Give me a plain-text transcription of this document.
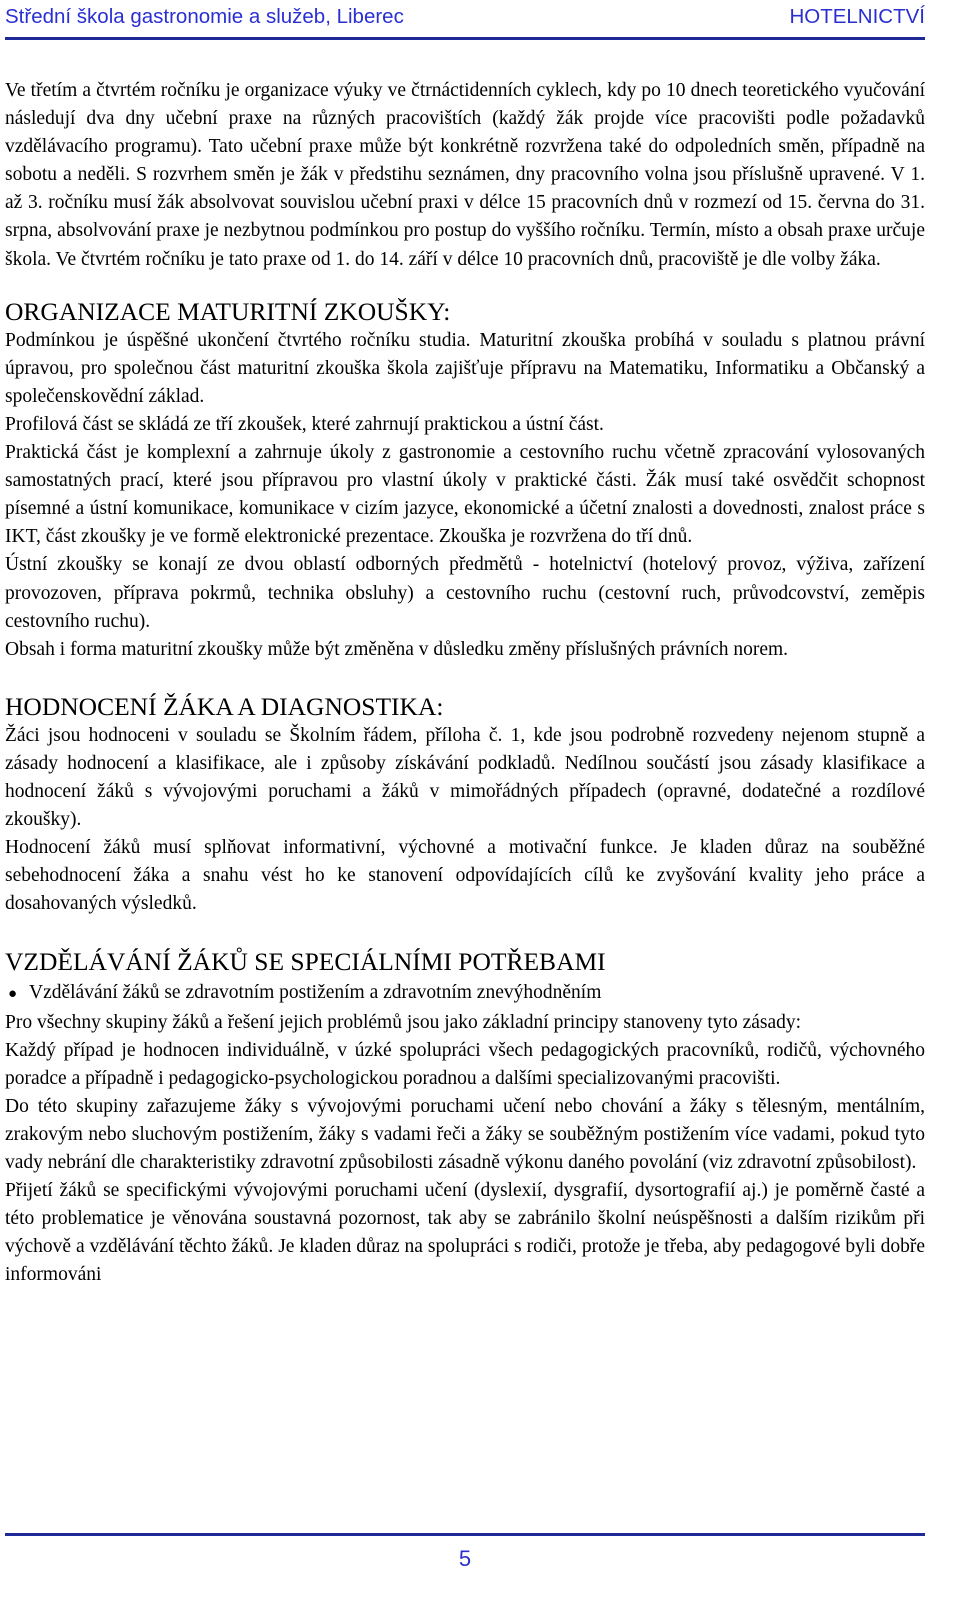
Střední škola gastronomie a služeb, Liberec	HOTELNICTVÍ

Ve třetím a čtvrtém ročníku je organizace výuky ve čtrnáctidenních cyklech, kdy po 10 dnech teoretického vyučování následují dva dny učební praxe na různých pracovištích (každý žák projde více pracovišti podle požadavků vzdělávacího programu). Tato učební praxe může být konkrétně rozvržena také do odpoledních směn, případně na sobotu a neděli. S rozvrhem směn je žák v předstihu seznámen, dny pracovního volna jsou příslušně upravené. V 1. až 3. ročníku musí žák absolvovat souvislou učební praxi v délce 15 pracovních dnů v rozmezí od 15. června do 31. srpna, absolvování praxe je nezbytnou podmínkou pro postup do vyššího ročníku. Termín, místo a obsah praxe určuje škola. Ve čtvrtém ročníku je tato praxe od 1. do 14. září v délce 10 pracovních dnů, pracoviště je dle volby žáka.

ORGANIZACE MATURITNÍ ZKOUŠKY:

Podmínkou je úspěšné ukončení čtvrtého ročníku studia. Maturitní zkouška probíhá v souladu s platnou právní úpravou, pro společnou část maturitní zkouška škola zajišťuje přípravu na Matematiku, Informatiku a Občanský a společenskovědní základ.

Profilová část se skládá ze tří zkoušek, které zahrnují praktickou a ústní část.

Praktická část je komplexní a zahrnuje úkoly z gastronomie a cestovního ruchu včetně zpracování vylosovaných samostatných prací, které jsou přípravou pro vlastní úkoly v praktické části. Žák musí také osvědčit schopnost písemné a ústní komunikace, komunikace v cizím jazyce, ekonomické a účetní znalosti a dovednosti, znalost práce s IKT, část zkoušky je ve formě elektronické prezentace. Zkouška je rozvržena do tří dnů.

Ústní zkoušky se konají ze dvou oblastí odborných předmětů - hotelnictví (hotelový provoz, výživa, zařízení provozoven, příprava pokrmů, technika obsluhy) a cestovního ruchu (cestovní ruch, průvodcovství, zeměpis cestovního ruchu).

Obsah i forma maturitní zkoušky může být změněna v důsledku změny příslušných právních norem.

HODNOCENÍ ŽÁKA A DIAGNOSTIKA:

Žáci jsou hodnoceni v souladu se Školním řádem, příloha č. 1, kde jsou podrobně rozvedeny nejenom stupně a zásady hodnocení a klasifikace, ale i způsoby získávání podkladů. Nedílnou součástí jsou zásady klasifikace a hodnocení žáků s vývojovými poruchami a žáků v mimořádných případech (opravné, dodatečné a rozdílové zkoušky).

Hodnocení žáků musí splňovat informativní, výchovné a motivační funkce. Je kladen důraz na souběžné sebehodnocení žáka a snahu vést ho ke stanovení odpovídajících cílů ke zvyšování kvality jeho práce a dosahovaných výsledků.

VZDĚLÁVÁNÍ ŽÁKŮ SE SPECIÁLNÍMI POTŘEBAMI
● Vzdělávání žáků se zdravotním postižením a zdravotním znevýhodněním

Pro všechny skupiny žáků a řešení jejich problémů jsou jako základní principy stanoveny tyto zásady:

Každý případ je hodnocen individuálně, v úzké spolupráci všech pedagogických pracovníků, rodičů, výchovného poradce a případně i pedagogicko-psychologickou poradnou a dalšími specializovanými pracovišti.

Do této skupiny zařazujeme žáky s vývojovými poruchami učení nebo chování a žáky s tělesným, mentálním, zrakovým nebo sluchovým postižením, žáky s vadami řeči a žáky se souběžným postižením více vadami, pokud tyto vady nebrání dle charakteristiky zdravotní způsobilosti zásadně výkonu daného povolání (viz zdravotní způsobilost).

Přijetí žáků se specifickými vývojovými poruchami učení (dyslexií, dysgrafií, dysortografií aj.) je poměrně časté a této problematice je věnována soustavná pozornost, tak aby se zabránilo školní neúspěšnosti a dalším rizikům při výchově a vzdělávání těchto žáků. Je kladen důraz na spolupráci s rodiči, protože je třeba, aby pedagogové byli dobře informováni

5
